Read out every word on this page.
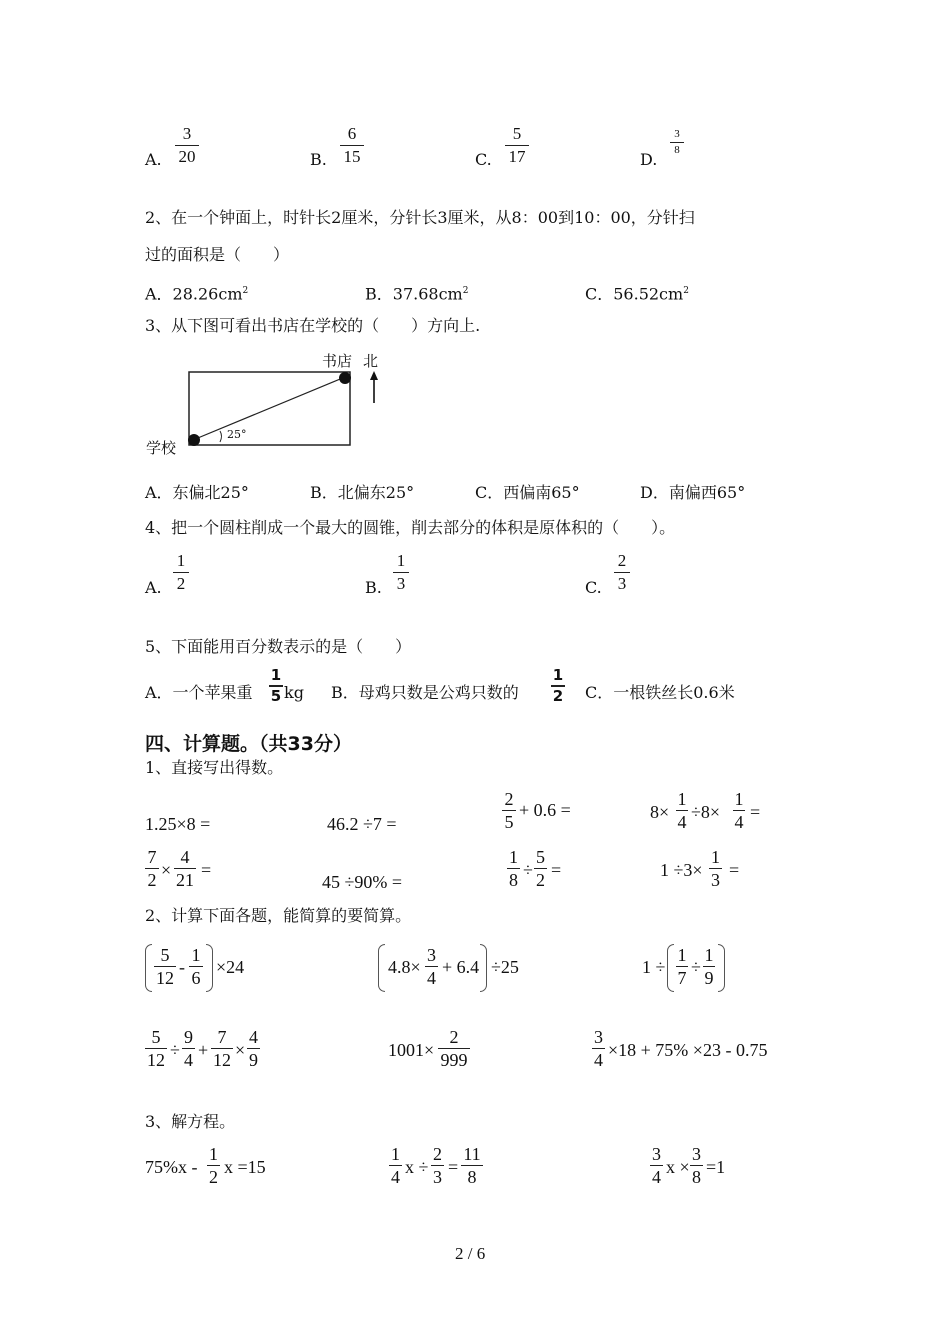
A.
3
20	B.
6
15	C.
5
17	D.
3
8
2、在一个钟面上，时针长2厘米，分针长3厘米，从8：00到10：00，分针扫
过的面积是（　　）
A．$28.26cm^2$	B．$37.68cm^2$	C．$56.52cm^2$
3、从下图可看出书店在学校的（　　）方向上.
书店 北
学校
25°
A．东偏北25°	B．北偏东25°	C．西偏南65°	D．南偏西65°
4、把一个圆柱削成一个最大的圆锥，削去部分的体积是原体积的（　　）。
A.
1
2	B.
1
3	C.
2
3
5、下面能用百分数表示的是（　　）
A．一个苹果重
1
5 kg B．母鸡只数是公鸡只数的
1
2 C．一根铁丝长0.6米
四、计算题。（共33分）
1、直接写出得数。
1.25×8 =	46.2 ÷7 =
2
5
+ 0.6 =	8×
1
4 ÷8×
1
4 =
7
2 ×
4
21 =
45 ÷90% =
1
8 ÷
5
2 =	1 ÷3×
1
3 =
2、计算下面各题，能简算的要简算。
5
12
-
1
6
×24	4.8×
3
4
+ 6.4 ÷25	1 ÷
1
7
÷
1
9
5
12 ÷
9
4 +
7
12 ×
4
9	1001×
2
999
3
4 ×18 + 75% ×23 - 0.75
3、解方程。
75%x -
1
2 x =15
1
4 x ÷
2
3 =
11
8
3
4 x ×
3
8 =1
2 / 6
